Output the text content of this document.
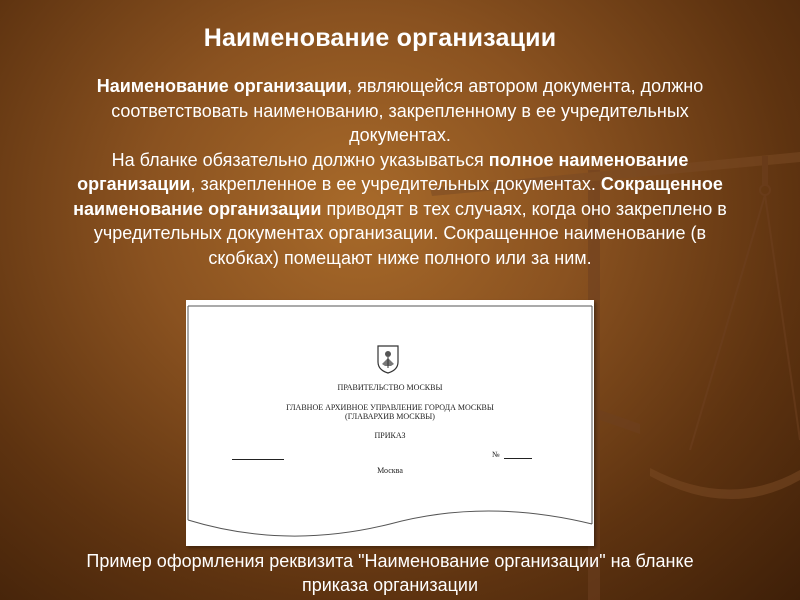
Наименование организации
Наименование организации, являющейся автором документа, должно соответствовать наименованию, закрепленному в ее учредительных документах.
На бланке обязательно должно указываться полное наименование организации, закрепленное в ее учредительных документах. Сокращенное наименование организации приводят в тех случаях, когда оно закреплено в учредительных документах организации. Сокращенное наименование (в скобках) помещают ниже полного или за ним.
ПРАВИТЕЛЬСТВО МОСКВЫ
ГЛАВНОЕ АРХИВНОЕ УПРАВЛЕНИЕ ГОРОДА МОСКВЫ
(ГЛАВАРХИВ МОСКВЫ)
ПРИКАЗ
№
Москва
Пример оформления реквизита "Наименование организации" на бланке приказа организации
